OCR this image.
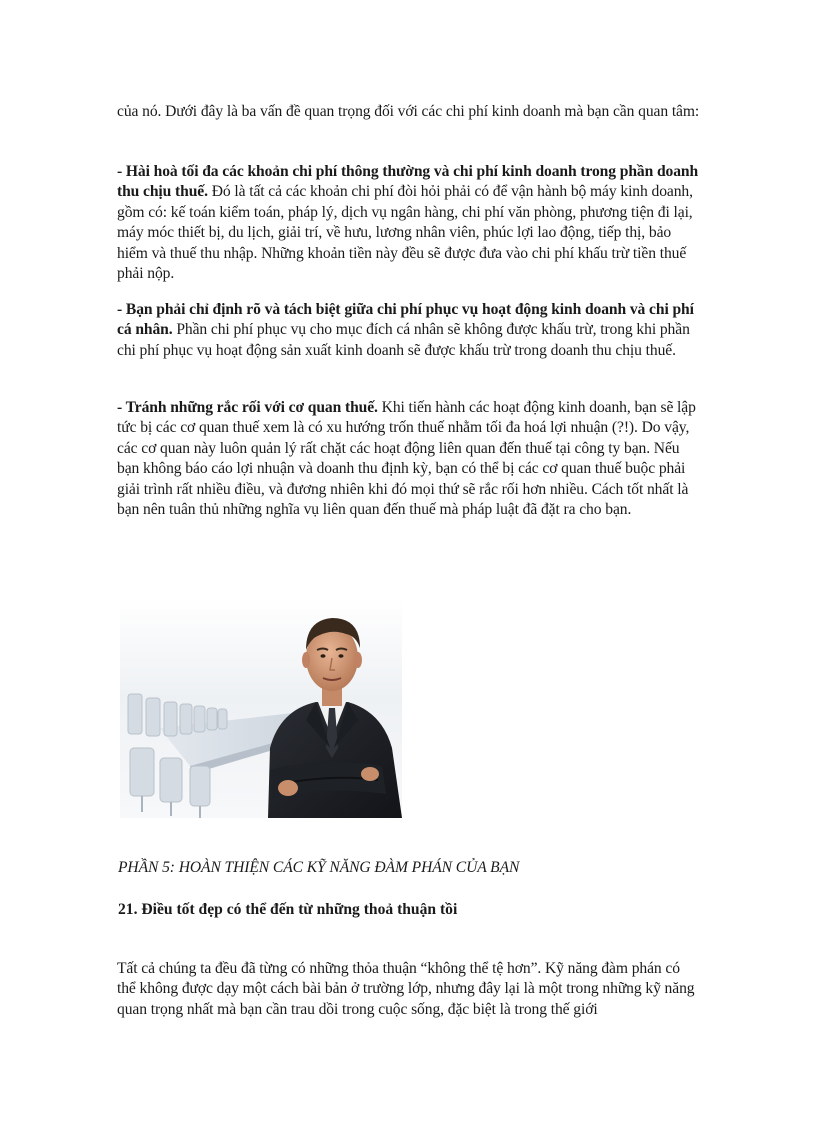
của nó. Dưới đây là ba vấn đề quan trọng đối với các chi phí kinh doanh mà bạn cần quan tâm:

- Hài hoà tối đa các khoản chi phí thông thường và chi phí kinh doanh trong phần doanh thu chịu thuế. Đó là tất cả các khoản chi phí đòi hỏi phải có để vận hành bộ máy kinh doanh, gồm có: kế toán kiểm toán, pháp lý, dịch vụ ngân hàng, chi phí văn phòng, phương tiện đi lại, máy móc thiết bị, du lịch, giải trí, về hưu, lương nhân viên, phúc lợi lao động, tiếp thị, bảo hiểm và thuế thu nhập. Những khoản tiền này đều sẽ được đưa vào chi phí khấu trừ tiền thuế phải nộp.

- Bạn phải chỉ định rõ và tách biệt giữa chi phí phục vụ hoạt động kinh doanh và chi phí cá nhân. Phần chi phí phục vụ cho mục đích cá nhân sẽ không được khấu trừ, trong khi phần chi phí phục vụ hoạt động sản xuất kinh doanh sẽ được khấu trừ trong doanh thu chịu thuế.

- Tránh những rắc rối với cơ quan thuế. Khi tiến hành các hoạt động kinh doanh, bạn sẽ lập tức bị các cơ quan thuế xem là có xu hướng trốn thuế nhằm tối đa hoá lợi nhuận (?!). Do vậy, các cơ quan này luôn quản lý rất chặt các hoạt động liên quan đến thuế tại công ty bạn. Nếu bạn không báo cáo lợi nhuận và doanh thu định kỳ, bạn có thể bị các cơ quan thuế buộc phải giải trình rất nhiều điều, và đương nhiên khi đó mọi thứ sẽ rắc rối hơn nhiều. Cách tốt nhất là bạn nên tuân thủ những nghĩa vụ liên quan đến thuế mà pháp luật đã đặt ra cho bạn.

PHẦN 5: HOÀN THIỆN CÁC KỸ NĂNG ĐÀM PHÁN CỦA BẠN

21. Điều tốt đẹp có thể đến từ những thoả thuận tồi

Tất cả chúng ta đều đã từng có những thỏa thuận “không thể tệ hơn”. Kỹ năng đàm phán có thể không được dạy một cách bài bản ở trường lớp, nhưng đây lại là một trong những kỹ năng quan trọng nhất mà bạn cần trau dồi trong cuộc sống, đặc biệt là trong thế giới
